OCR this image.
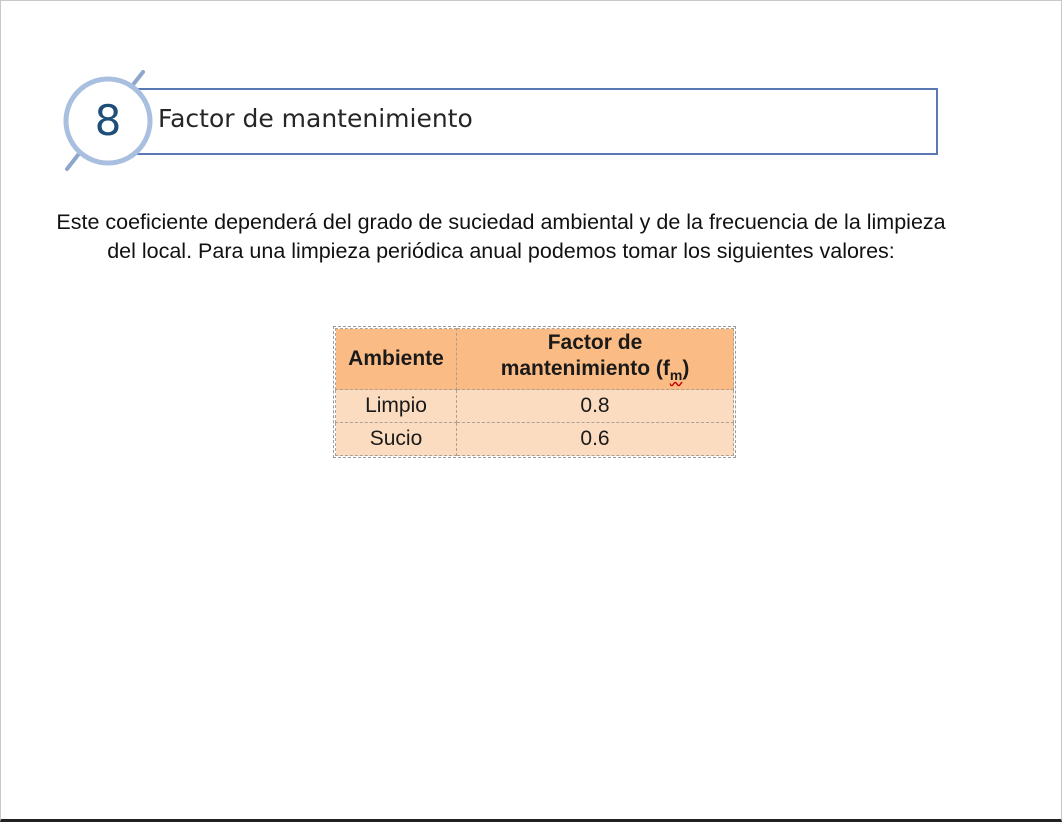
8	Factor de mantenimiento
Este coeficiente dependerá del grado de suciedad ambiental y de la frecuencia de la limpieza del local. Para una limpieza periódica anual podemos tomar los siguientes valores:
Ambiente	Factor de
mantenimiento $(f_m)$
Limpio	0.8
Sucio	0.6
